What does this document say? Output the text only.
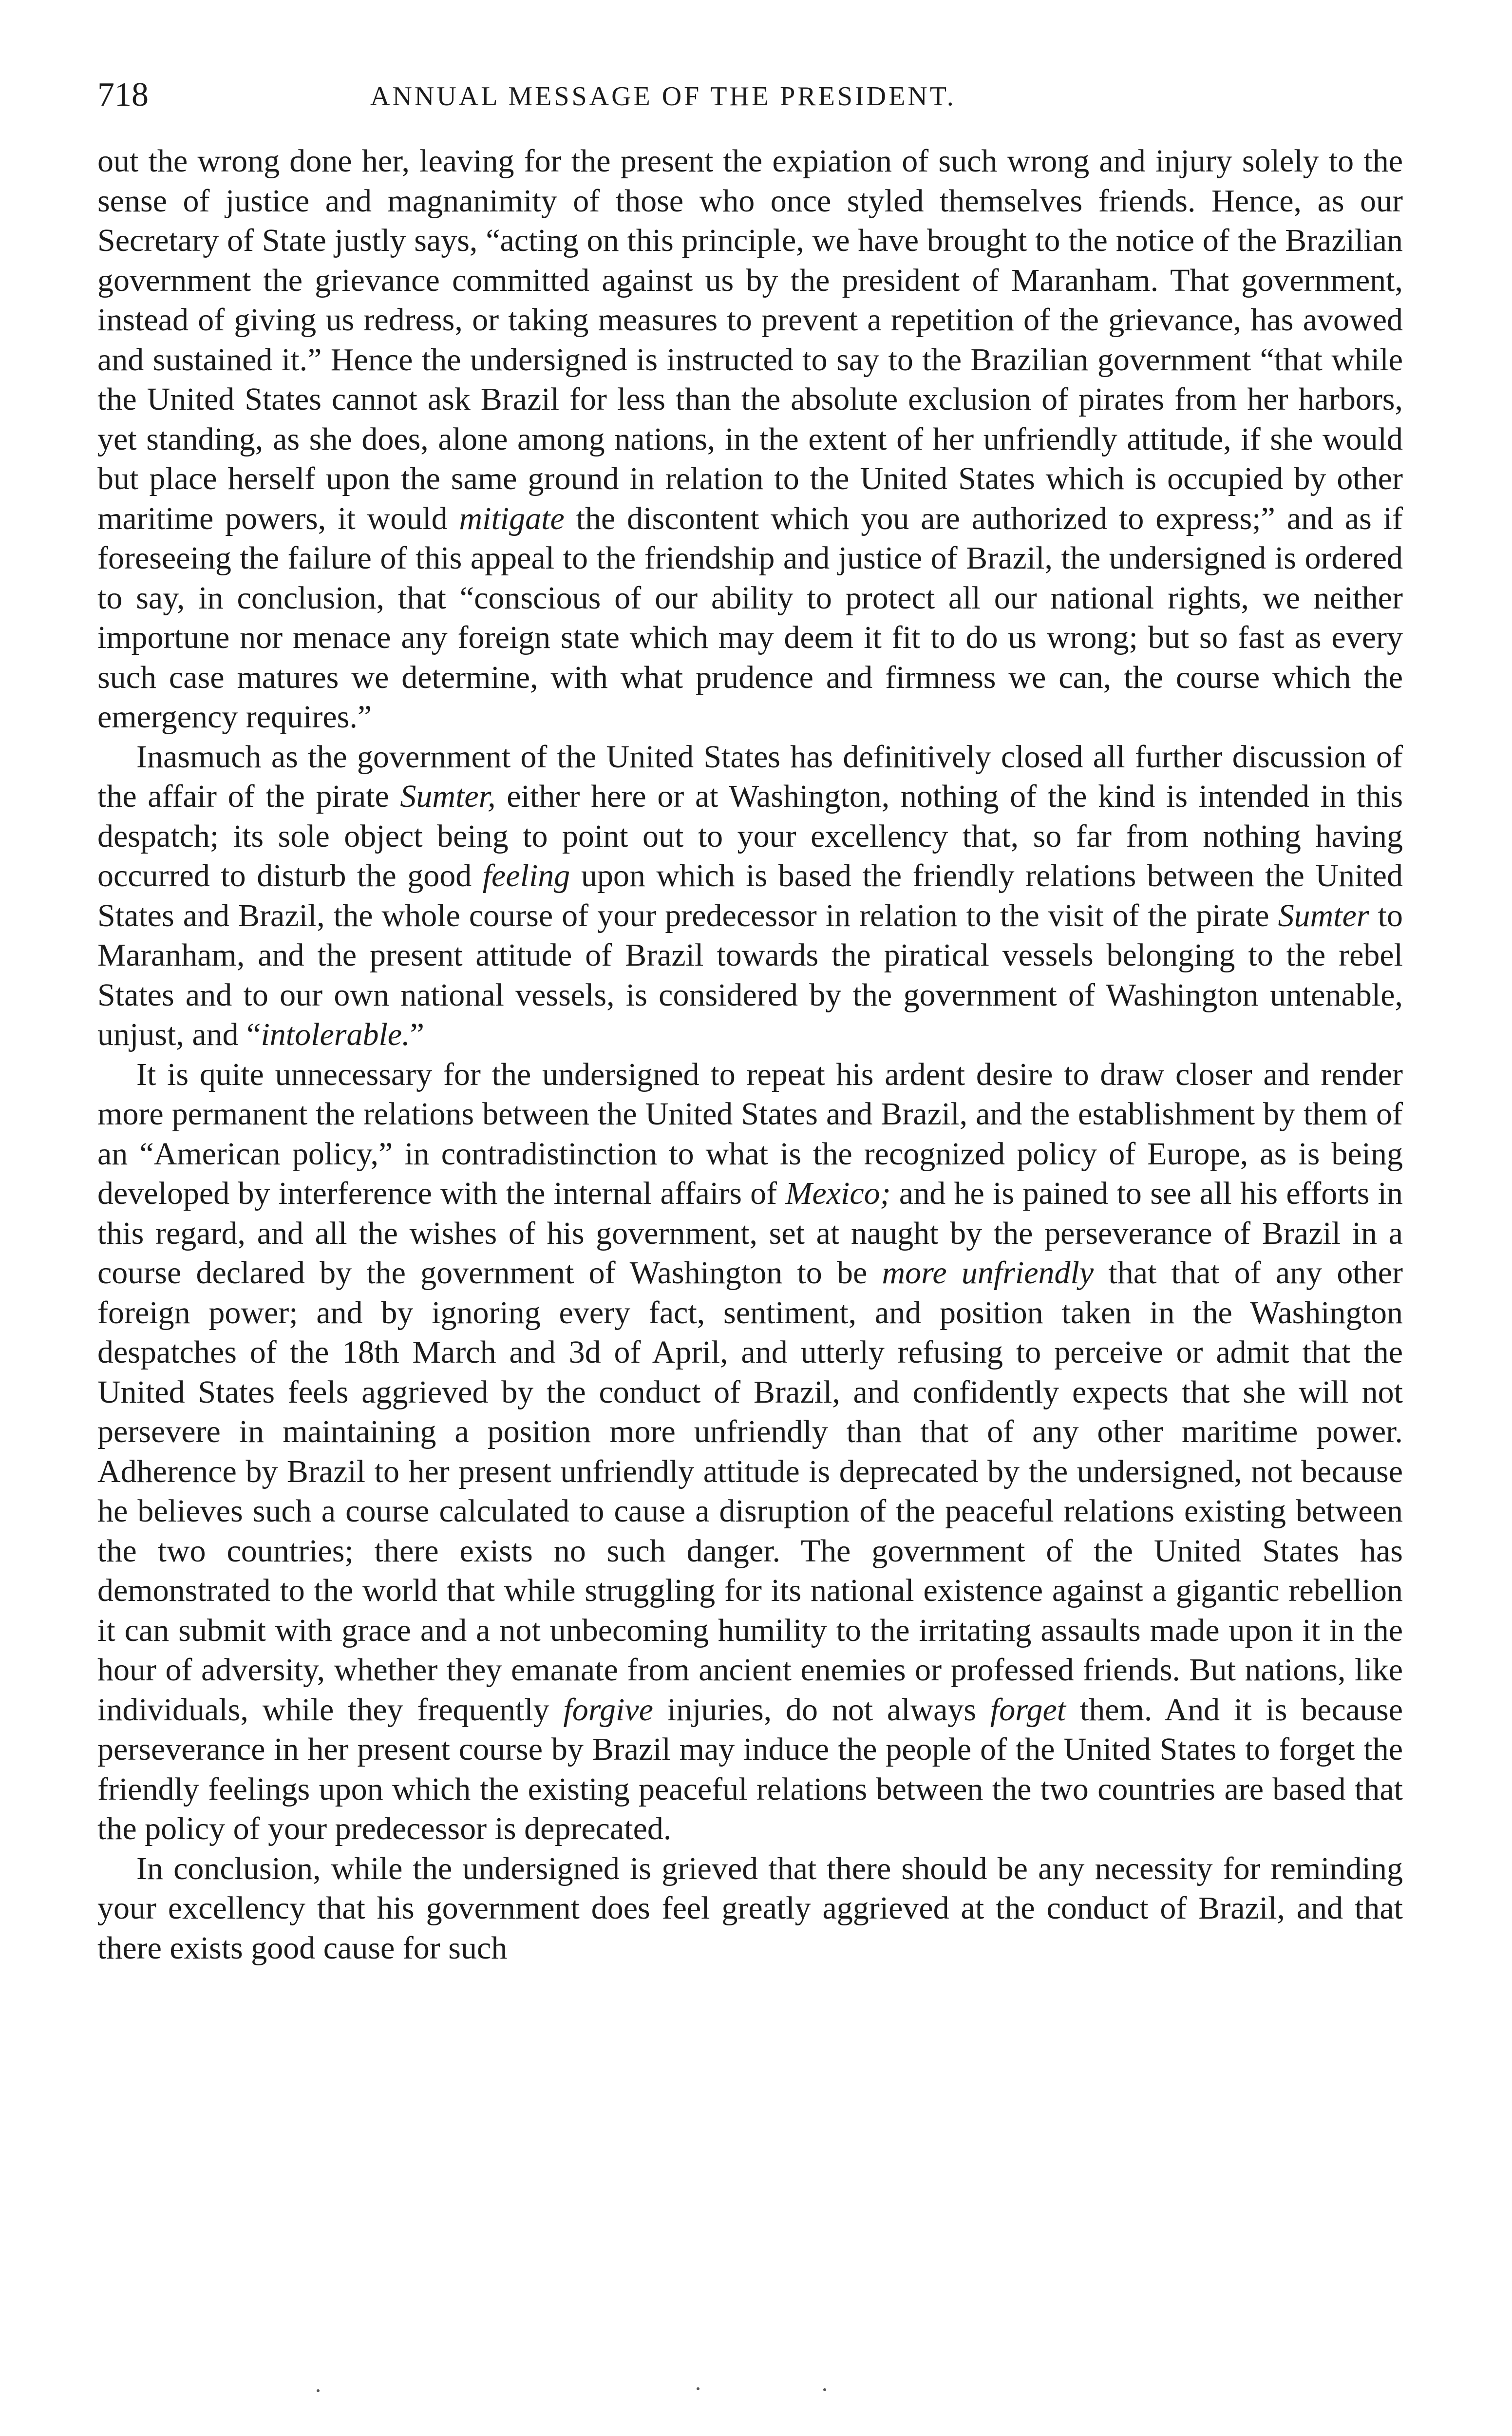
718	ANNUAL MESSAGE OF THE PRESIDENT.

out the wrong done her, leaving for the present the expiation of such wrong and injury solely to the sense of justice and magnanimity of those who once styled themselves friends. Hence, as our Secretary of State justly says, “acting on this principle, we have brought to the notice of the Brazilian government the grievance committed against us by the president of Maranham. That government, instead of giving us redress, or taking measures to prevent a repetition of the grievance, has avowed and sustained it.” Hence the undersigned is instructed to say to the Brazilian government “that while the United States cannot ask Brazil for less than the absolute exclusion of pirates from her harbors, yet standing, as she does, alone among nations, in the extent of her unfriendly attitude, if she would but place herself upon the same ground in relation to the United States which is occupied by other maritime powers, it would mitigate the discontent which you are authorized to express;” and as if foreseeing the failure of this appeal to the friendship and justice of Brazil, the undersigned is ordered to say, in conclusion, that “conscious of our ability to protect all our national rights, we neither importune nor menace any foreign state which may deem it fit to do us wrong; but so fast as every such case matures we determine, with what prudence and firmness we can, the course which the emergency requires.”

Inasmuch as the government of the United States has definitively closed all further discussion of the affair of the pirate Sumter, either here or at Washington, nothing of the kind is intended in this despatch; its sole object being to point out to your excellency that, so far from nothing having occurred to disturb the good feeling upon which is based the friendly relations between the United States and Brazil, the whole course of your predecessor in relation to the visit of the pirate Sumter to Maranham, and the present attitude of Brazil towards the piratical vessels belonging to the rebel States and to our own national vessels, is considered by the government of Washington untenable, unjust, and “intolerable.”

It is quite unnecessary for the undersigned to repeat his ardent desire to draw closer and render more permanent the relations between the United States and Brazil, and the establishment by them of an “American policy,” in contradistinction to what is the recognized policy of Europe, as is being developed by interference with the internal affairs of Mexico; and he is pained to see all his efforts in this regard, and all the wishes of his government, set at naught by the perseverance of Brazil in a course declared by the government of Washington to be more unfriendly that that of any other foreign power; and by ignoring every fact, sentiment, and position taken in the Washington despatches of the 18th March and 3d of April, and utterly refusing to perceive or admit that the United States feels aggrieved by the conduct of Brazil, and confidently expects that she will not persevere in maintaining a position more unfriendly than that of any other maritime power. Adherence by Brazil to her present unfriendly attitude is deprecated by the undersigned, not because he believes such a course calculated to cause a disruption of the peaceful relations existing between the two countries; there exists no such danger. The government of the United States has demonstrated to the world that while struggling for its national existence against a gigantic rebellion it can submit with grace and a not unbecoming humility to the irritating assaults made upon it in the hour of adversity, whether they emanate from ancient enemies or professed friends. But nations, like individuals, while they frequently forgive injuries, do not always forget them. And it is because perseverance in her present course by Brazil may induce the people of the United States to forget the friendly feelings upon which the existing peaceful relations between the two countries are based that the policy of your predecessor is deprecated.

In conclusion, while the undersigned is grieved that there should be any necessity for reminding your excellency that his government does feel greatly aggrieved at the conduct of Brazil, and that there exists good cause for such
